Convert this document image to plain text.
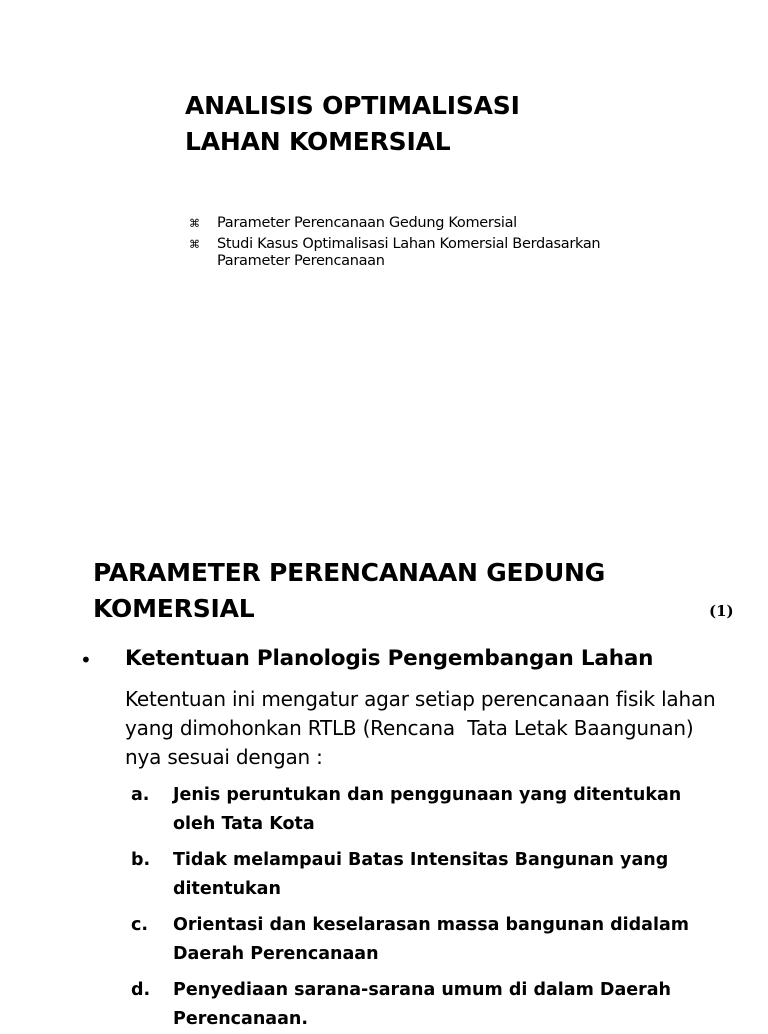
ANALISIS OPTIMALISASI
LAHAN KOMERSIAL
⌘ Parameter Perencanaan Gedung Komersial
⌘ Studi Kasus Optimalisasi Lahan Komersial Berdasarkan
Parameter Perencanaan
PARAMETER PERENCANAAN GEDUNG
KOMERSIAL	(1)
• Ketentuan Planologis Pengembangan Lahan
Ketentuan ini mengatur agar setiap perencanaan fisik lahan
yang dimohonkan RTLB (Rencana  Tata Letak Baangunan)
nya sesuai dengan :
a. Jenis peruntukan dan penggunaan yang ditentukan
oleh Tata Kota
b. Tidak melampaui Batas Intensitas Bangunan yang
ditentukan
c. Orientasi dan keselarasan massa bangunan didalam
Daerah Perencanaan
d. Penyediaan sarana-sarana umum di dalam Daerah
Perencanaan.
